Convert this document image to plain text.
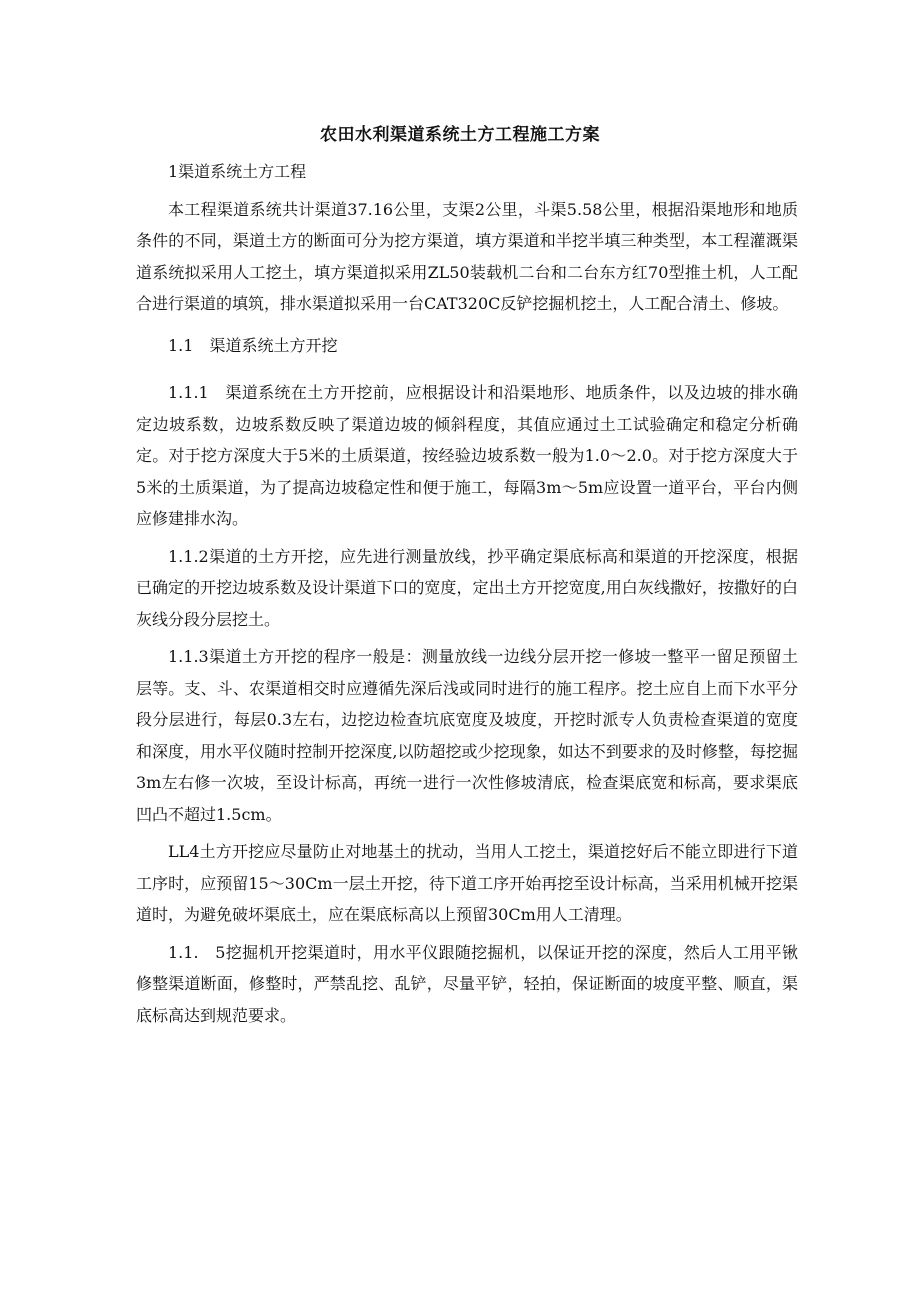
农田水利渠道系统土方工程施工方案

1渠道系统土方工程

本工程渠道系统共计渠道37.16公里，支渠2公里，斗渠5.58公里，根据沿渠地形和地质条件的不同，渠道土方的断面可分为挖方渠道，填方渠道和半挖半填三种类型，本工程灌溉渠道系统拟采用人工挖土，填方渠道拟采用ZL50装载机二台和二台东方红70型推土机，人工配合进行渠道的填筑，排水渠道拟采用一台CAT320C反铲挖掘机挖土，人工配合清土、修坡。

1.1　渠道系统土方开挖

1.1.1　渠道系统在土方开挖前，应根据设计和沿渠地形、地质条件，以及边坡的排水确定边坡系数，边坡系数反映了渠道边坡的倾斜程度，其值应通过土工试验确定和稳定分析确定。对于挖方深度大于5米的土质渠道，按经验边坡系数一般为1.0～2.0。对于挖方深度大于5米的土质渠道，为了提高边坡稳定性和便于施工，每隔3m～5m应设置一道平台，平台内侧应修建排水沟。

1.1.2渠道的土方开挖，应先进行测量放线，抄平确定渠底标高和渠道的开挖深度，根据已确定的开挖边坡系数及设计渠道下口的宽度，定出土方开挖宽度,用白灰线撒好，按撒好的白灰线分段分层挖土。

1.1.3渠道土方开挖的程序一般是：测量放线一边线分层开挖一修坡一整平一留足预留土层等。支、斗、农渠道相交时应遵循先深后浅或同时进行的施工程序。挖土应自上而下水平分段分层进行，每层0.3左右，边挖边检查坑底宽度及坡度，开挖时派专人负责检查渠道的宽度和深度，用水平仪随时控制开挖深度,以防超挖或少挖现象，如达不到要求的及时修整，每挖掘3m左右修一次坡，至设计标高，再统一进行一次性修坡清底，检查渠底宽和标高，要求渠底凹凸不超过1.5cm。

LL4土方开挖应尽量防止对地基土的扰动，当用人工挖土，渠道挖好后不能立即进行下道工序时，应预留15～30Cm一层土开挖，待下道工序开始再挖至设计标高，当采用机械开挖渠道时，为避免破坏渠底土，应在渠底标高以上预留30Cm用人工清理。

1.1.　5挖掘机开挖渠道时，用水平仪跟随挖掘机，以保证开挖的深度，然后人工用平锹修整渠道断面，修整时，严禁乱挖、乱铲，尽量平铲，轻拍，保证断面的坡度平整、顺直，渠底标高达到规范要求。
